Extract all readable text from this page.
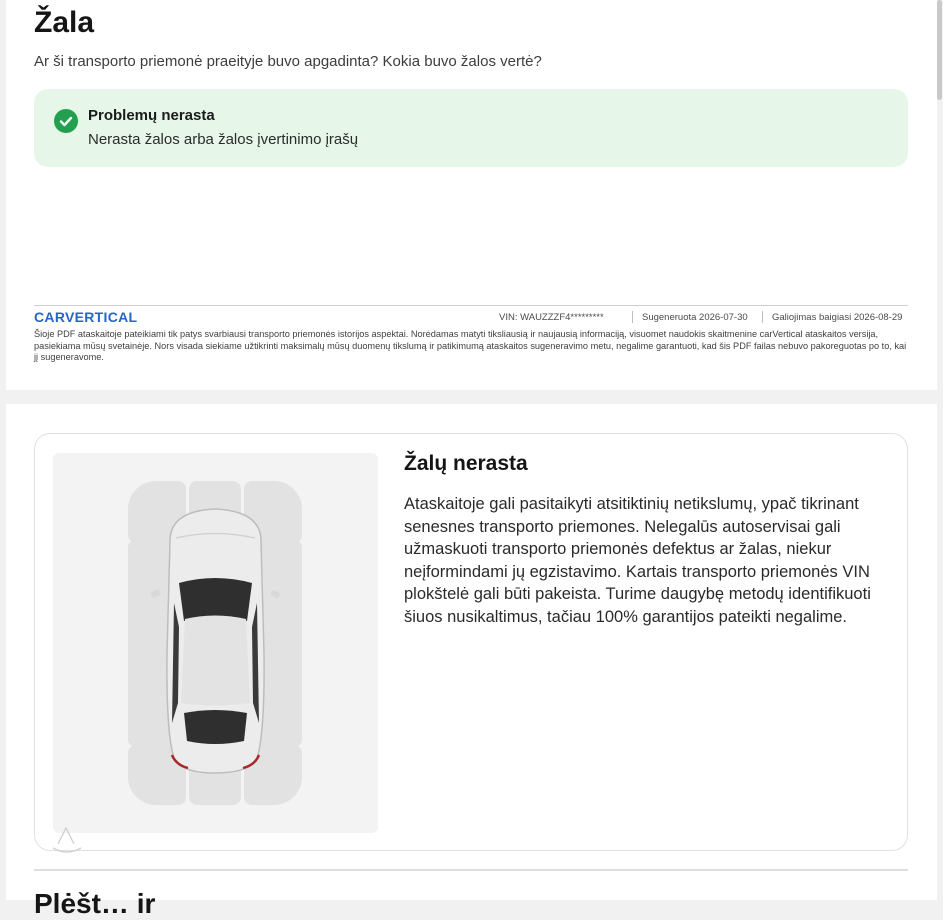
Žala
Ar ši transporto priemonė praeityje buvo apgadinta? Kokia buvo žalos vertė?
Problemų nerasta
Nerasta žalos arba žalos įvertinimo įrašų
CARVERTICAL	VIN: WAUZZZF4*********	Sugeneruota 2026-07-30	Galiojimas baigiasi 2026-08-29
Šioje PDF ataskaitoje pateikiami tik patys svarbiausi transporto priemonės istorijos aspektai. Norėdamas matyti tiksliausią ir naujausią informaciją, visuomet naudokis skaitmenine carVertical ataskaitos versija, pasiekiama mūsų svetainėje. Nors visada siekiame užtikrinti maksimalų mūsų duomenų tikslumą ir patikimumą ataskaitos sugeneravimo metu, negalime garantuoti, kad šis PDF failas nebuvo pakoreguotas po to, kai jį sugeneravome.
Žalų nerasta
Ataskaitoje gali pasitaikyti atsitiktinių netikslumų, ypač tikrinant senesnes transporto priemones. Nelegalūs autoservisai gali užmaskuoti transporto priemonės defektus ar žalas, niekur neįformindami jų egzistavimo. Kartais transporto priemonės VIN plokštelė gali būti pakeista. Turime daugybę metodų identifikuoti šiuos nusikaltimus, tačiau 100% garantijos pateikti negalime.
Plėšt… ir
